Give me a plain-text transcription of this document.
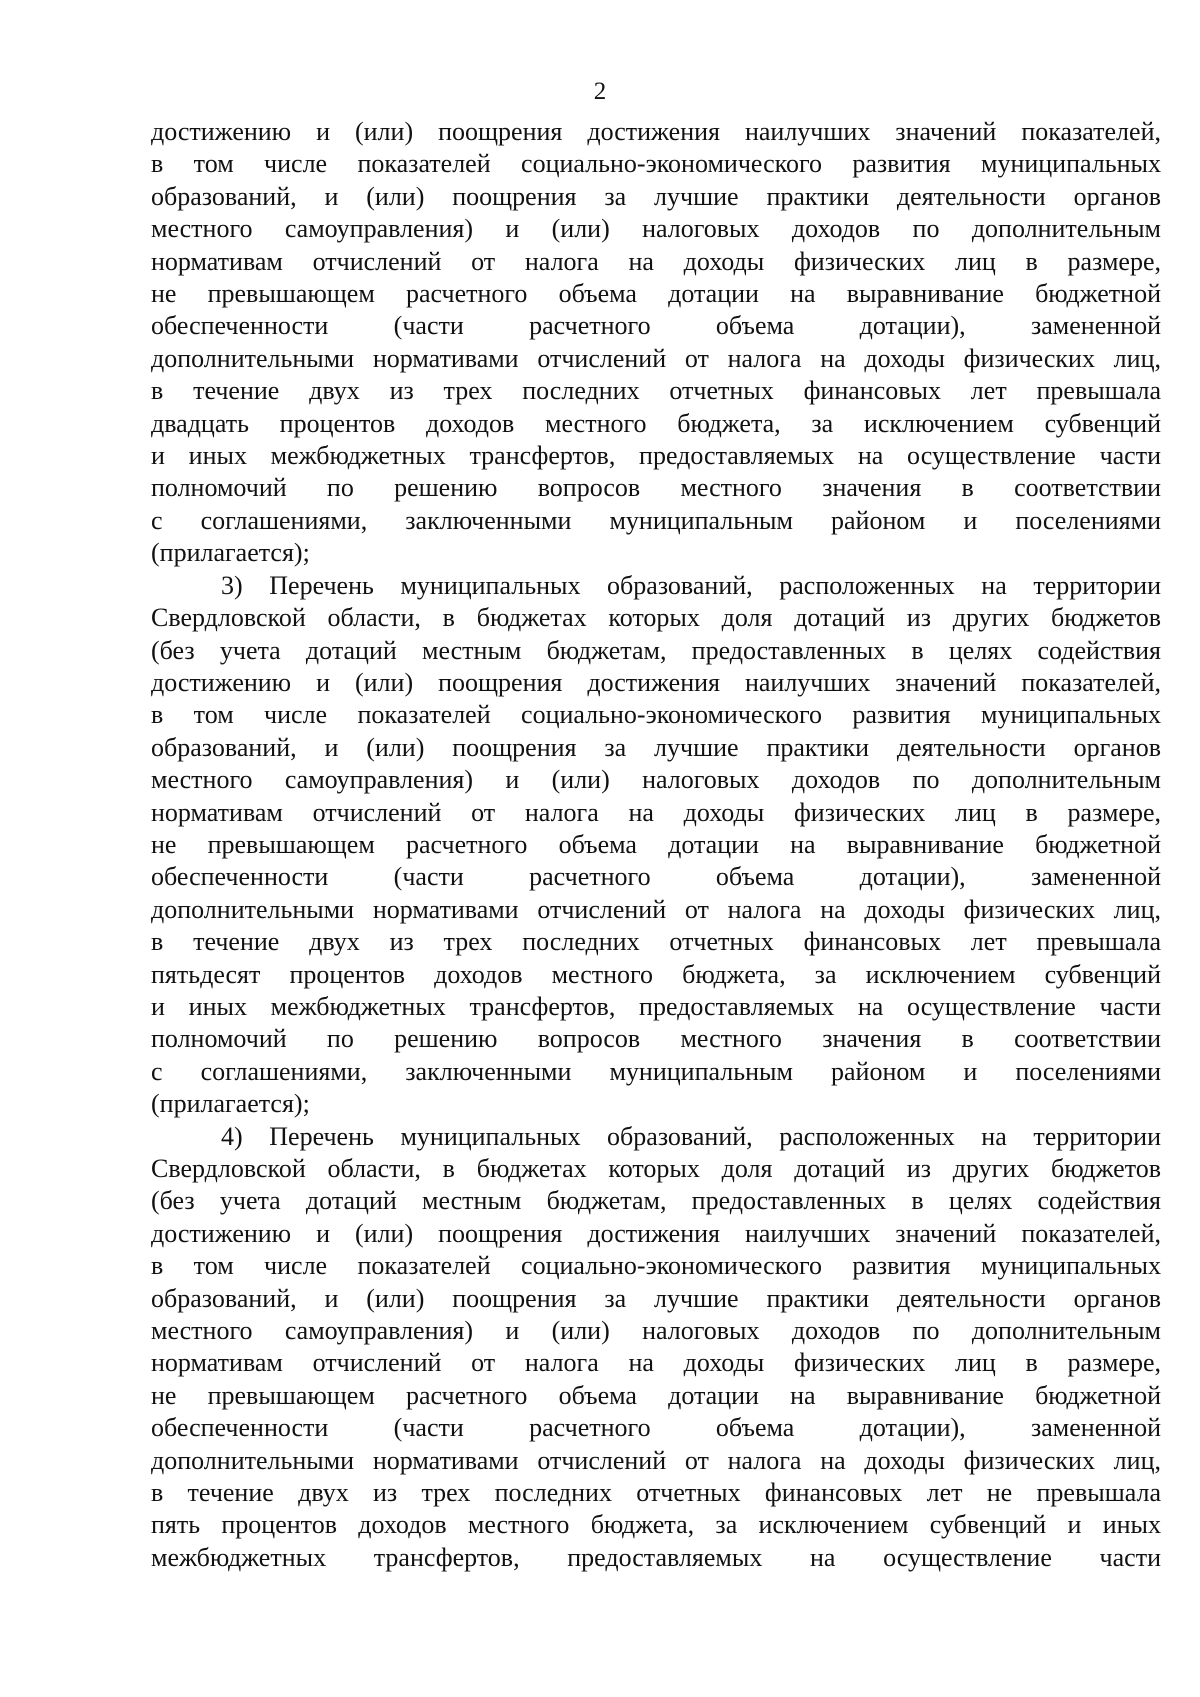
2
достижению и (или) поощрения достижения наилучших значений показателей,
в том числе показателей социально-экономического развития муниципальных
образований, и (или) поощрения за лучшие практики деятельности органов
местного самоуправления) и (или) налоговых доходов по дополнительным
нормативам отчислений от налога на доходы физических лиц в размере,
не превышающем расчетного объема дотации на выравнивание бюджетной
обеспеченности (части расчетного объема дотации), замененной
дополнительными нормативами отчислений от налога на доходы физических лиц,
в течение двух из трех последних отчетных финансовых лет превышала
двадцать процентов доходов местного бюджета, за исключением субвенций
и иных межбюджетных трансфертов, предоставляемых на осуществление части
полномочий по решению вопросов местного значения в соответствии
с соглашениями, заключенными муниципальным районом и поселениями
(прилагается);
3) Перечень муниципальных образований, расположенных на территории
Свердловской области, в бюджетах которых доля дотаций из других бюджетов
(без учета дотаций местным бюджетам, предоставленных в целях содействия
достижению и (или) поощрения достижения наилучших значений показателей,
в том числе показателей социально-экономического развития муниципальных
образований, и (или) поощрения за лучшие практики деятельности органов
местного самоуправления) и (или) налоговых доходов по дополнительным
нормативам отчислений от налога на доходы физических лиц в размере,
не превышающем расчетного объема дотации на выравнивание бюджетной
обеспеченности (части расчетного объема дотации), замененной
дополнительными нормативами отчислений от налога на доходы физических лиц,
в течение двух из трех последних отчетных финансовых лет превышала
пятьдесят процентов доходов местного бюджета, за исключением субвенций
и иных межбюджетных трансфертов, предоставляемых на осуществление части
полномочий по решению вопросов местного значения в соответствии
с соглашениями, заключенными муниципальным районом и поселениями
(прилагается);
4) Перечень муниципальных образований, расположенных на территории
Свердловской области, в бюджетах которых доля дотаций из других бюджетов
(без учета дотаций местным бюджетам, предоставленных в целях содействия
достижению и (или) поощрения достижения наилучших значений показателей,
в том числе показателей социально-экономического развития муниципальных
образований, и (или) поощрения за лучшие практики деятельности органов
местного самоуправления) и (или) налоговых доходов по дополнительным
нормативам отчислений от налога на доходы физических лиц в размере,
не превышающем расчетного объема дотации на выравнивание бюджетной
обеспеченности (части расчетного объема дотации), замененной
дополнительными нормативами отчислений от налога на доходы физических лиц,
в течение двух из трех последних отчетных финансовых лет не превышала
пять процентов доходов местного бюджета, за исключением субвенций и иных
межбюджетных трансфертов, предоставляемых на осуществление части
